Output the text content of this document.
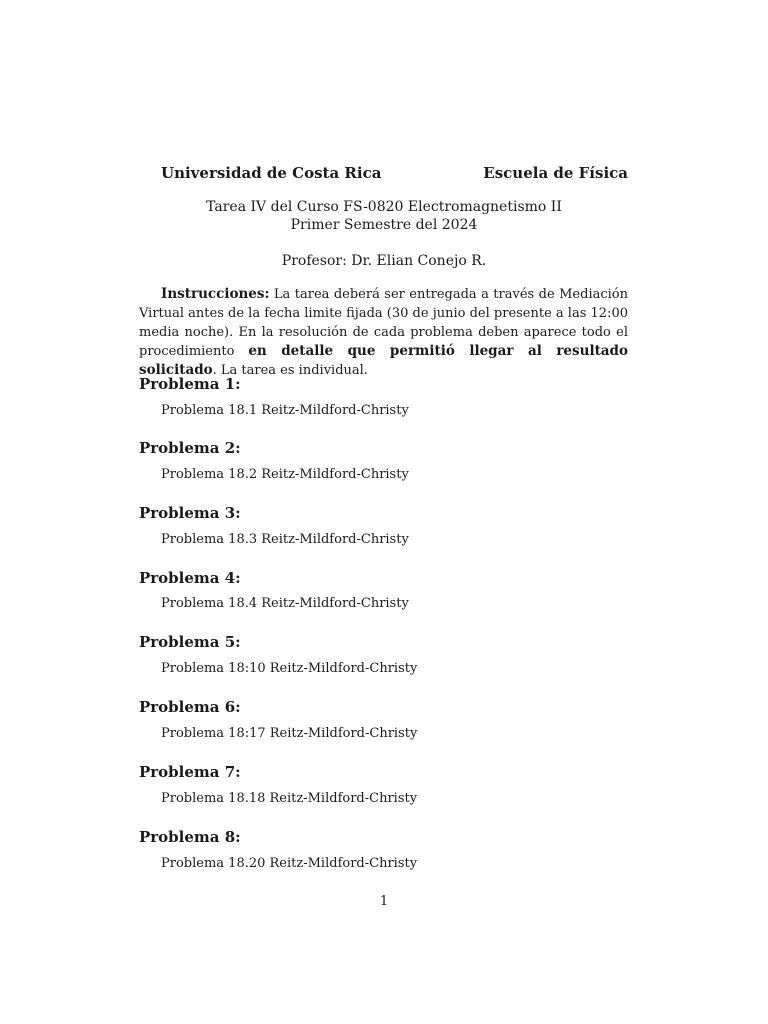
Universidad de Costa Rica	Escuela de Física
Tarea IV del Curso FS-0820 Electromagnetismo II
Primer Semestre del 2024
Profesor: Dr. Elian Conejo R.
Instrucciones: La tarea deberá ser entregada a través de Mediación Virtual antes de la fecha limite fijada (30 de junio del presente a las 12:00 media noche). En la resolución de cada problema deben aparece todo el procedimiento en detalle que permitió llegar al resultado solicitado. La tarea es individual.
Problema 1:
Problema 18.1 Reitz-Mildford-Christy
Problema 2:
Problema 18.2 Reitz-Mildford-Christy
Problema 3:
Problema 18.3 Reitz-Mildford-Christy
Problema 4:
Problema 18.4 Reitz-Mildford-Christy
Problema 5:
Problema 18:10 Reitz-Mildford-Christy
Problema 6:
Problema 18:17 Reitz-Mildford-Christy
Problema 7:
Problema 18.18 Reitz-Mildford-Christy
Problema 8:
Problema 18.20 Reitz-Mildford-Christy
1
